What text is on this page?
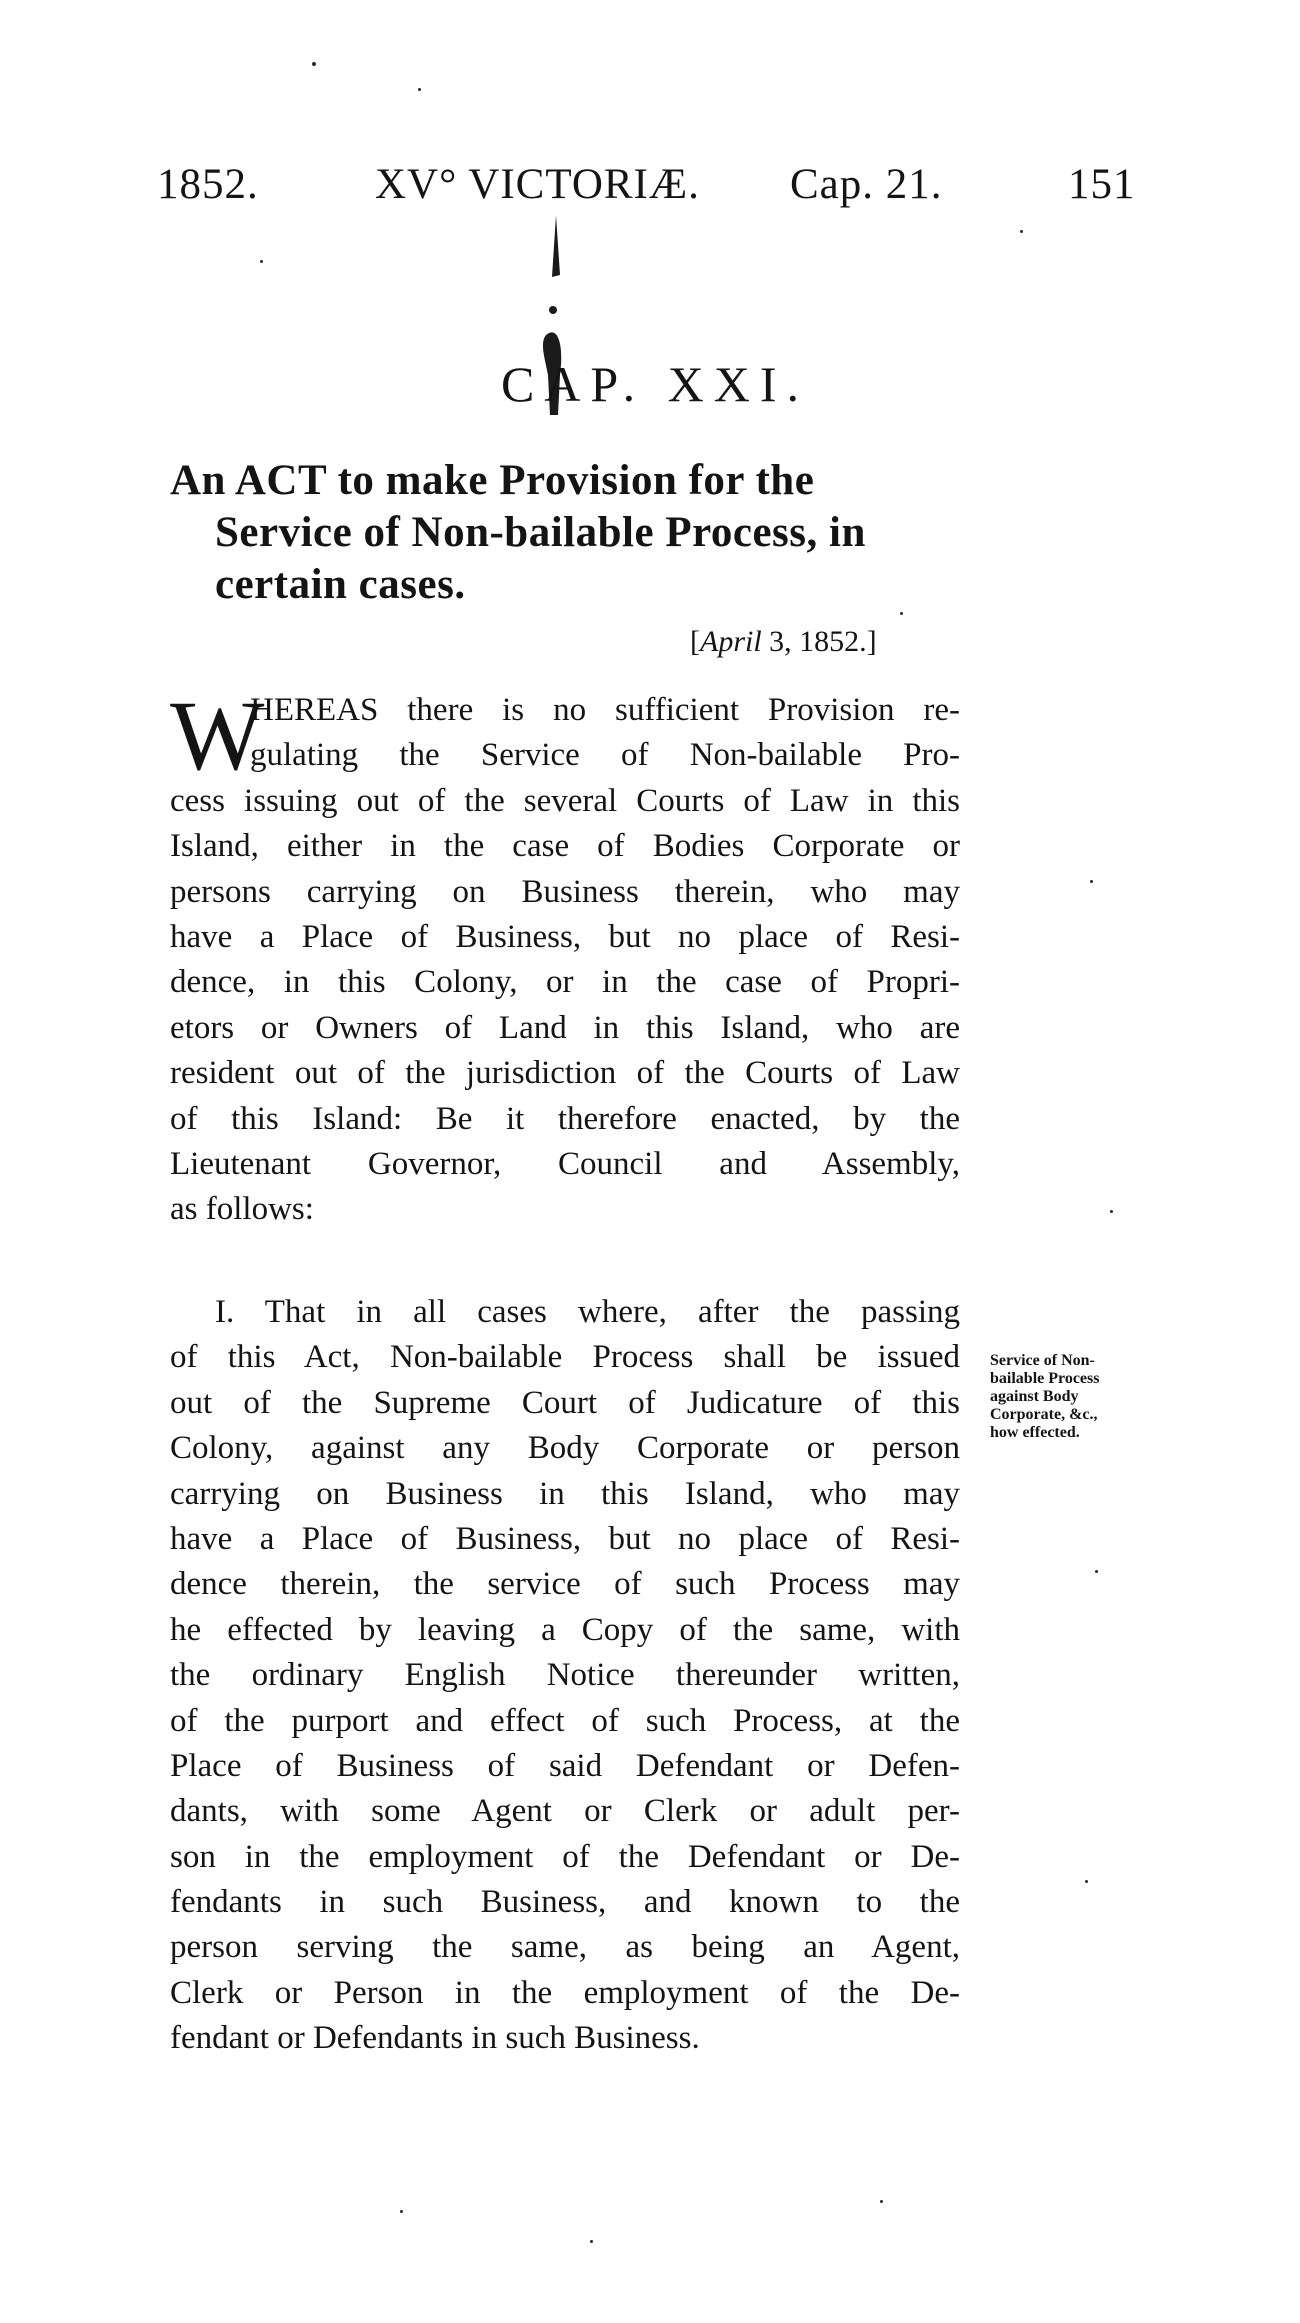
1852.	XV° VICTORIÆ. Cap. 21.	151
CAP. XXI.
An ACT to make Provision for the
Service of Non-bailable Process, in
certain cases.
[April 3, 1852.]
W
HEREAS there is no sufficient Provision re-
gulating the Service of Non-bailable Pro-
cess issuing out of the several Courts of Law in this
Island, either in the case of Bodies Corporate or
persons carrying on Business therein, who may
have a Place of Business, but no place of Resi-
dence, in this Colony, or in the case of Propri-
etors or Owners of Land in this Island, who are
resident out of the jurisdiction of the Courts of Law
of this Island: Be it therefore enacted, by the
Lieutenant Governor, Council and Assembly,
as follows:
I. That in all cases where, after the passing
of this Act, Non-bailable Process shall be issued
out of the Supreme Court of Judicature of this
Colony, against any Body Corporate or person
carrying on Business in this Island, who may
have a Place of Business, but no place of Resi-
dence therein, the service of such Process may
he effected by leaving a Copy of the same, with
the ordinary English Notice thereunder written,
of the purport and effect of such Process, at the
Place of Business of said Defendant or Defen-
dants, with some Agent or Clerk or adult per-
son in the employment of the Defendant or De-
fendants in such Business, and known to the
person serving the same, as being an Agent,
Clerk or Person in the employment of the De-
fendant or Defendants in such Business.
Service of Non-
bailable Process
against Body
Corporate, &c.,
how effected.
